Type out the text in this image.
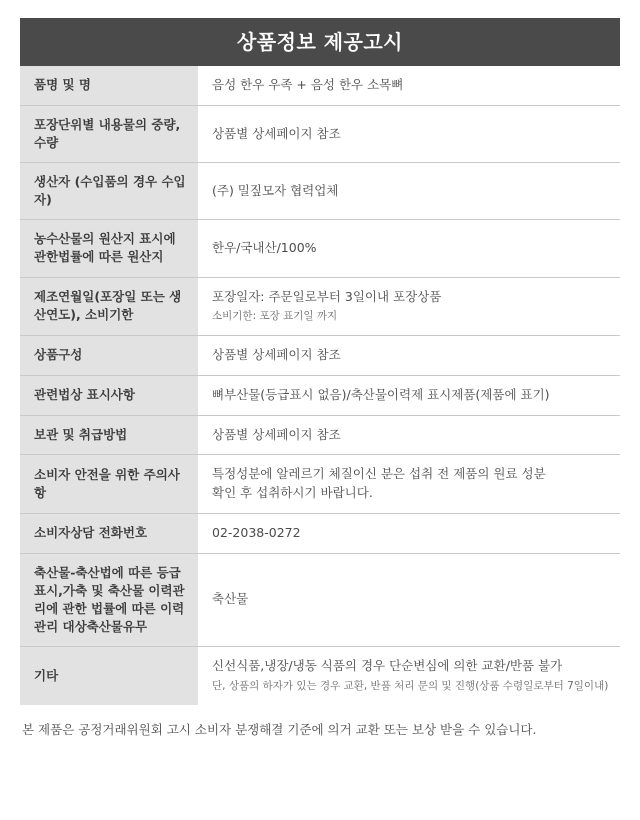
상품정보 제공고시
품명 및 명	음성 한우 우족 + 음성 한우 소목뼈

포장단위별 내용물의 중량,수량	상품별 상세페이지 참조

생산자 (수입품의 경우 수입자)	(주) 밀짚모자 협력업체

농수산물의 원산지 표시에 관한법률에 따른 원산지	한우/국내산/100%

제조연월일(포장일 또는 생산연도), 소비기한	포장일자: 주문일로부터 3일이내 포장상품
소비기한: 포장 표기일 까지

상품구성	상품별 상세페이지 참조

관련법상 표시사항	뼈부산물(등급표시 없음)/축산물이력제 표시제품(제품에 표기)

보관 및 취급방법	상품별 상세페이지 참조

소비자 안전을 위한 주의사항	특정성분에 알레르기 체질이신 분은 섭취 전 제품의 원료 성분
확인 후 섭취하시기 바랍니다.

소비자상담 전화번호	02-2038-0272

축산물-축산법에 따른 등급 표시,가축 및 축산물 이력관리에 관한 법률에 따른 이력관리 대상축산물유무	축산물

기타	신선식품,냉장/냉동 식품의 경우 단순변심에 의한 교환/반품 불가
단, 상품의 하자가 있는 경우 교환, 반품 처리 문의 및 진행(상품 수령일로부터 7일이내)
본 제품은 공정거래위원회 고시 소비자 분쟁해결 기준에 의거 교환 또는 보상 받을 수 있습니다.
